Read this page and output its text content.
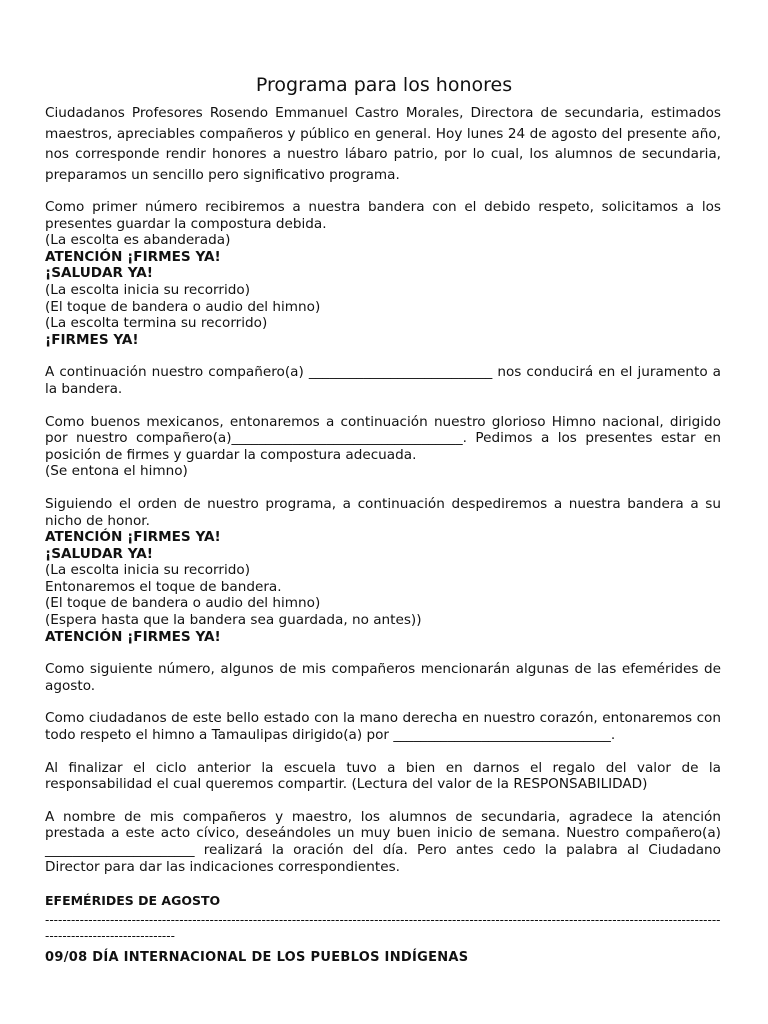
Programa para los honores

Ciudadanos Profesores Rosendo Emmanuel Castro Morales, Directora de secundaria, estimados maestros, apreciables compañeros y público en general. Hoy lunes 24 de agosto del presente año, nos corresponde rendir honores a nuestro lábaro patrio, por lo cual, los alumnos de secundaria, preparamos un sencillo pero significativo programa.

Como primer número recibiremos a nuestra bandera con el debido respeto, solicitamos a los presentes guardar la compostura debida.

(La escolta es abanderada)

ATENCIÓN ¡FIRMES YA!

¡SALUDAR YA!

(La escolta inicia su recorrido)

(El toque de bandera o audio del himno)

(La escolta termina su recorrido)

¡FIRMES YA!

A continuación nuestro compañero(a) ___________________________ nos conducirá en el juramento a la bandera.

Como buenos mexicanos, entonaremos a continuación nuestro glorioso Himno nacional, dirigido por nuestro compañero(a)__________________________________. Pedimos a los presentes estar en posición de firmes y guardar la compostura adecuada.

(Se entona el himno)

Siguiendo el orden de nuestro programa, a continuación despediremos a nuestra bandera a su nicho de honor.

ATENCIÓN ¡FIRMES YA!

¡SALUDAR YA!

(La escolta inicia su recorrido)

Entonaremos el toque de bandera.

(El toque de bandera o audio del himno)

(Espera hasta que la bandera sea guardada, no antes))

ATENCIÓN ¡FIRMES YA!

Como siguiente número, algunos de mis compañeros mencionarán algunas de las efemérides de agosto.

Como ciudadanos de este bello estado con la mano derecha en nuestro corazón, entonaremos con todo respeto el himno a Tamaulipas dirigido(a) por ________________________________.

Al finalizar el ciclo anterior la escuela tuvo a bien en darnos el regalo del valor de la responsabilidad el cual queremos compartir. (Lectura del valor de la RESPONSABILIDAD)

A nombre de mis compañeros y maestro, los alumnos de secundaria, agradece la atención prestada a este acto cívico, deseándoles un muy buen inicio de semana. Nuestro compañero(a) ______________________ realizará la oración del día. Pero antes cedo la palabra al Ciudadano Director para dar las indicaciones correspondientes.

EFEMÉRIDES DE AGOSTO

------------------------------------------------------------------------------------------------------------------------------------------------------------------------------------------

09/08 DÍA INTERNACIONAL DE LOS PUEBLOS INDÍGENAS
